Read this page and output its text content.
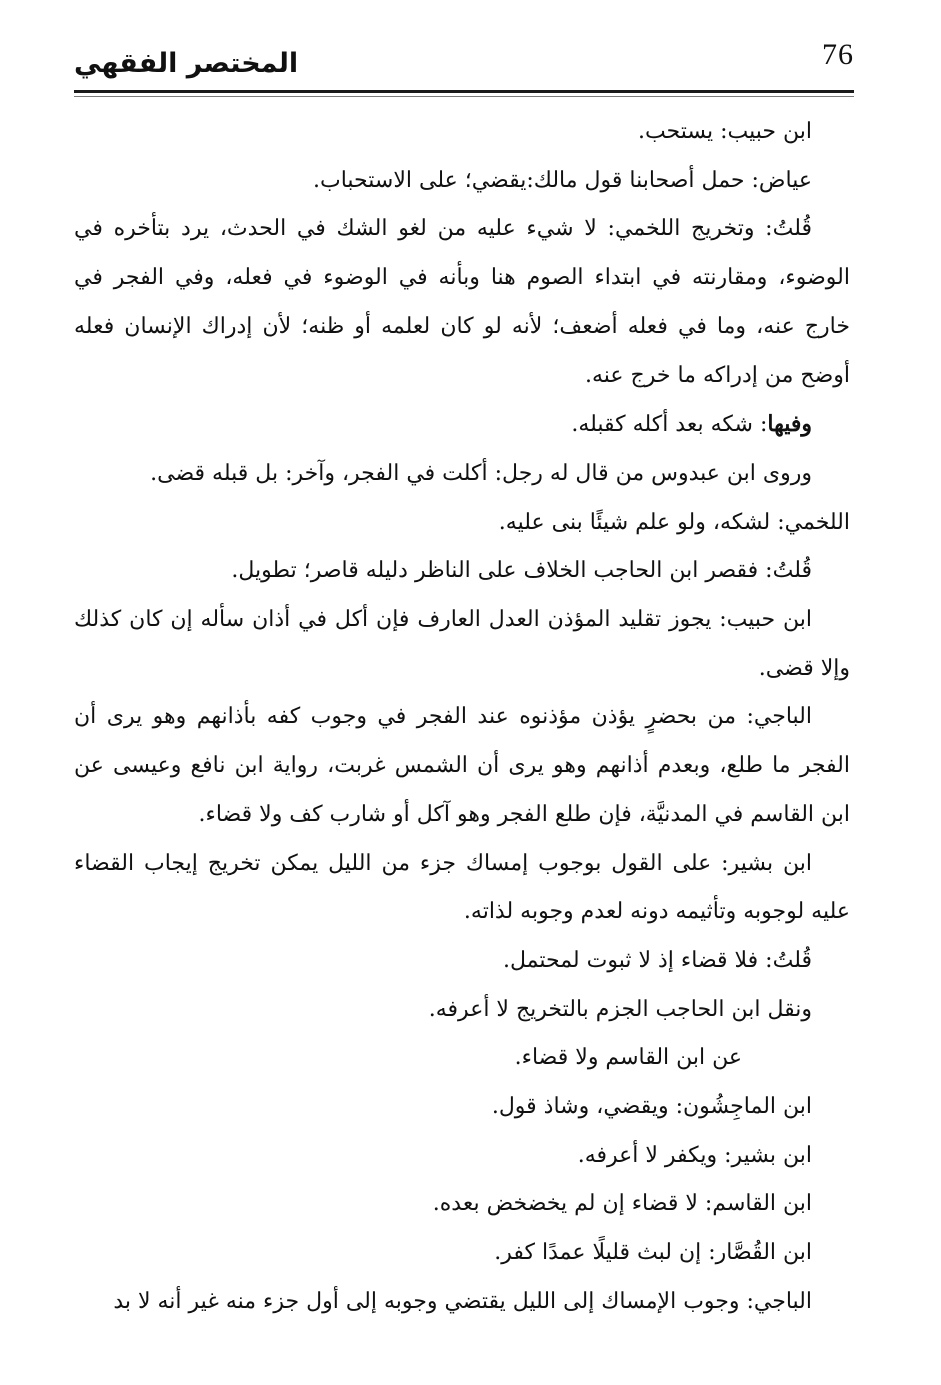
المختصر الفقهي	76

ابن حبيب: يستحب.

عياض: حمل أصحابنا قول مالك:يقضي؛ على الاستحباب.

قُلتُ: وتخريج اللخمي: لا شيء عليه من لغو الشك في الحدث، يرد بتأخره في الوضوء، ومقارنته في ابتداء الصوم هنا وبأنه في الوضوء في فعله، وفي الفجر في خارج عنه، وما في فعله أضعف؛ لأنه لو كان لعلمه أو ظنه؛ لأن إدراك الإنسان فعله أوضح من إدراكه ما خرج عنه.

وفيها: شكه بعد أكله كقبله.

وروى ابن عبدوس من قال له رجل: أكلت في الفجر، وآخر: بل قبله قضى.

اللخمي: لشكه، ولو علم شيئًا بنى عليه.

قُلتُ: فقصر ابن الحاجب الخلاف على الناظر دليله قاصر؛ تطويل.

ابن حبيب: يجوز تقليد المؤذن العدل العارف فإن أكل في أذان سأله إن كان كذلك وإلا قضى.

الباجي: من بحضرٍ يؤذن مؤذنوه عند الفجر في وجوب كفه بأذانهم وهو يرى أن الفجر ما طلع، وبعدم أذانهم وهو يرى أن الشمس غربت، رواية ابن نافع وعيسى عن ابن القاسم في المدنيَّة، فإن طلع الفجر وهو آكل أو شارب كف ولا قضاء.

ابن بشير: على القول بوجوب إمساك جزء من الليل يمكن تخريج إيجاب القضاء عليه لوجوبه وتأثيمه دونه لعدم وجوبه لذاته.

قُلتُ: فلا قضاء إذ لا ثبوت لمحتمل.

ونقل ابن الحاجب الجزم بالتخريج لا أعرفه.

عن ابن القاسم ولا قضاء.

ابن الماجِشُون: ويقضي، وشاذ قول.

ابن بشير: ويكفر لا أعرفه.

ابن القاسم: لا قضاء إن لم يخضخض بعده.

ابن القُصَّار: إن لبث قليلًا عمدًا كفر.

الباجي: وجوب الإمساك إلى الليل يقتضي وجوبه إلى أول جزء منه غير أنه لا بد
